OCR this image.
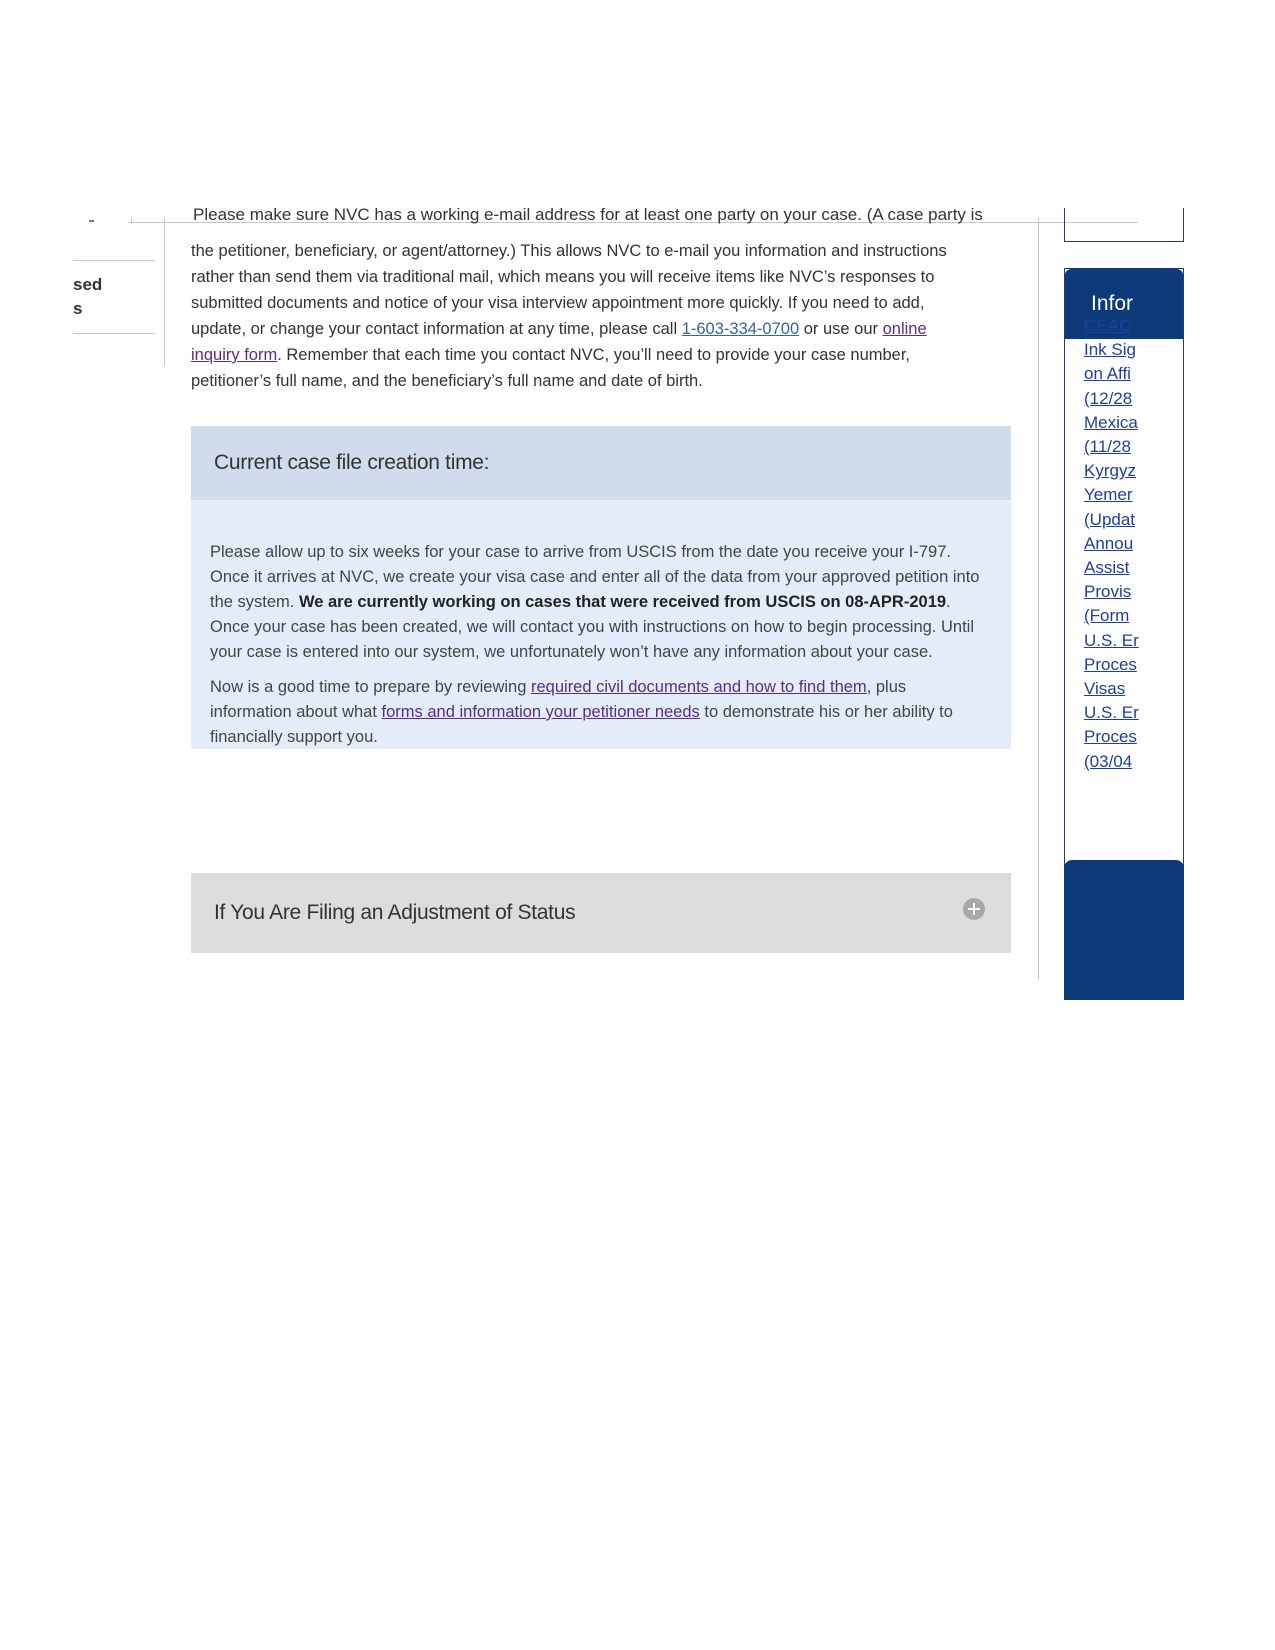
Please make sure NVC has a working e-mail address for at least one party on your case. (A case party is
sed
s
the petitioner, beneficiary, or agent/attorney.) This allows NVC to e-mail you information and instructions rather than send them via traditional mail, which means you will receive items like NVC’s responses to submitted documents and notice of your visa interview appointment more quickly. If you need to add, update, or change your contact information at any time, please call 1-603-334-0700 or use our online inquiry form. Remember that each time you contact NVC, you’ll need to provide your case number, petitioner’s full name, and the beneficiary’s full name and date of birth.
Current case file creation time:

Please allow up to six weeks for your case to arrive from USCIS from the date you receive your I-797. Once it arrives at NVC, we create your visa case and enter all of the data from your approved petition into the system. We are currently working on cases that were received from USCIS on 08-APR-2019. Once your case has been created, we will contact you with instructions on how to begin processing. Until your case is entered into our system, we unfortunately won’t have any information about your case.

Now is a good time to prepare by reviewing required civil documents and how to find them, plus information about what forms and information your petitioner needs to demonstrate his or her ability to financially support you.

If You Are Filing an Adjustment of Status
Infor
CEAC
Ink Sig
on Affi
(12/28
Mexica
(11/28
Kyrgyz
Yemer
(Updat
Annou
Assist
Provis
(Form
U.S. Er
Proces
Visas
U.S. Er
Proces
(03/04
